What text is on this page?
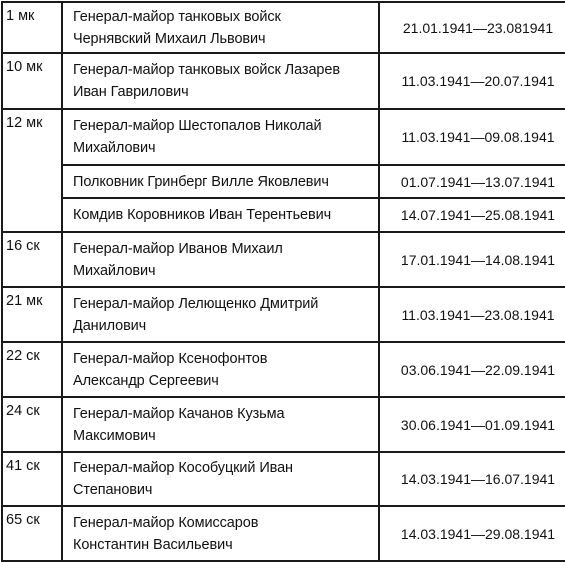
1 мк	Генерал-майор танковых войск
Чернявский Михаил Львович	21.01.1941—23.081941

10 мк	Генерал-майор танковых войск Лазарев
Иван Гаврилович	11.03.1941—20.07.1941

12 мк	Генерал-майор Шестопалов Николай
Михайлович	11.03.1941—09.08.1941

	Полковник Гринберг Вилле Яковлевич	01.07.1941—13.07.1941

	Комдив Коровников Иван Терентьевич	14.07.1941—25.08.1941

16 ск	Генерал-майор Иванов Михаил
Михайлович	17.01.1941—14.08.1941

21 мк	Генерал-майор Лелющенко Дмитрий
Данилович	11.03.1941—23.08.1941

22 ск	Генерал-майор Ксенофонтов
Александр Сергеевич	03.06.1941—22.09.1941

24 ск	Генерал-майор Качанов Кузьма
Максимович	30.06.1941—01.09.1941

41 ск	Генерал-майор Кособуцкий Иван
Степанович	14.03.1941—16.07.1941

65 ск	Генерал-майор Комиссаров
Константин Васильевич	14.03.1941—29.08.1941
